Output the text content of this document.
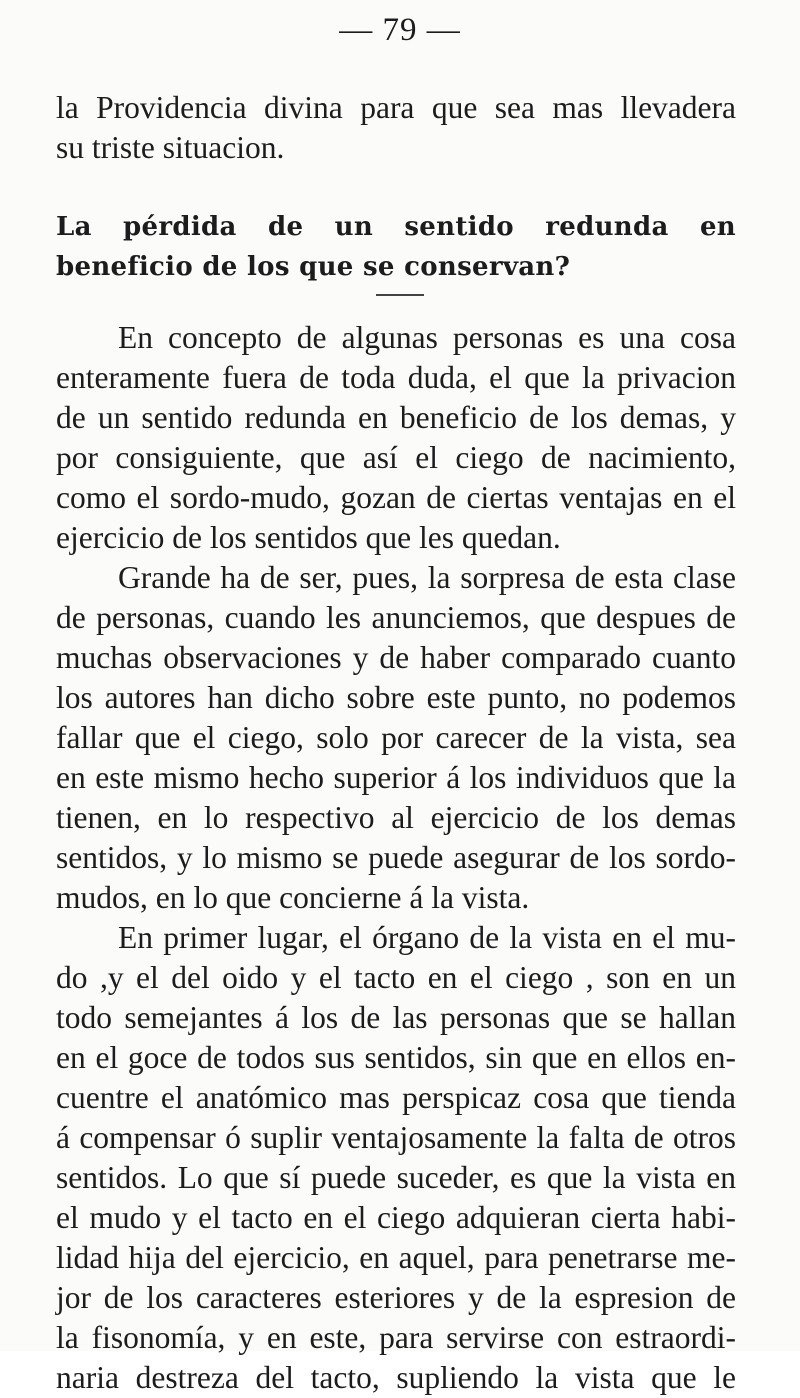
— 79 —
la Providencia divina para que sea mas llevadera
su triste situacion.
La pérdida de un sentido redunda en
beneficio de los que se conservan?
En concepto de algunas personas es una cosa
enteramente fuera de toda duda, el que la privacion
de un sentido redunda en beneficio de los demas, y
por consiguiente, que así el ciego de nacimiento,
como el sordo-mudo, gozan de ciertas ventajas en el
ejercicio de los sentidos que les quedan.
Grande ha de ser, pues, la sorpresa de esta clase
de personas, cuando les anunciemos, que despues de
muchas observaciones y de haber comparado cuanto
los autores han dicho sobre este punto, no podemos
fallar que el ciego, solo por carecer de la vista, sea
en este mismo hecho superior á los individuos que la
tienen, en lo respectivo al ejercicio de los demas
sentidos, y lo mismo se puede asegurar de los sordo-
mudos, en lo que concierne á la vista.
En primer lugar, el órgano de la vista en el mu-
do ,y el del oido y el tacto en el ciego , son en un
todo semejantes á los de las personas que se hallan
en el goce de todos sus sentidos, sin que en ellos en-
cuentre el anatómico mas perspicaz cosa que tienda
á compensar ó suplir ventajosamente la falta de otros
sentidos. Lo que sí puede suceder, es que la vista en
el mudo y el tacto en el ciego adquieran cierta habi-
lidad hija del ejercicio, en aquel, para penetrarse me-
jor de los caracteres esteriores y de la espresion de
la fisonomía, y en este, para servirse con estraordi-
naria destreza del tacto, supliendo la vista que le
